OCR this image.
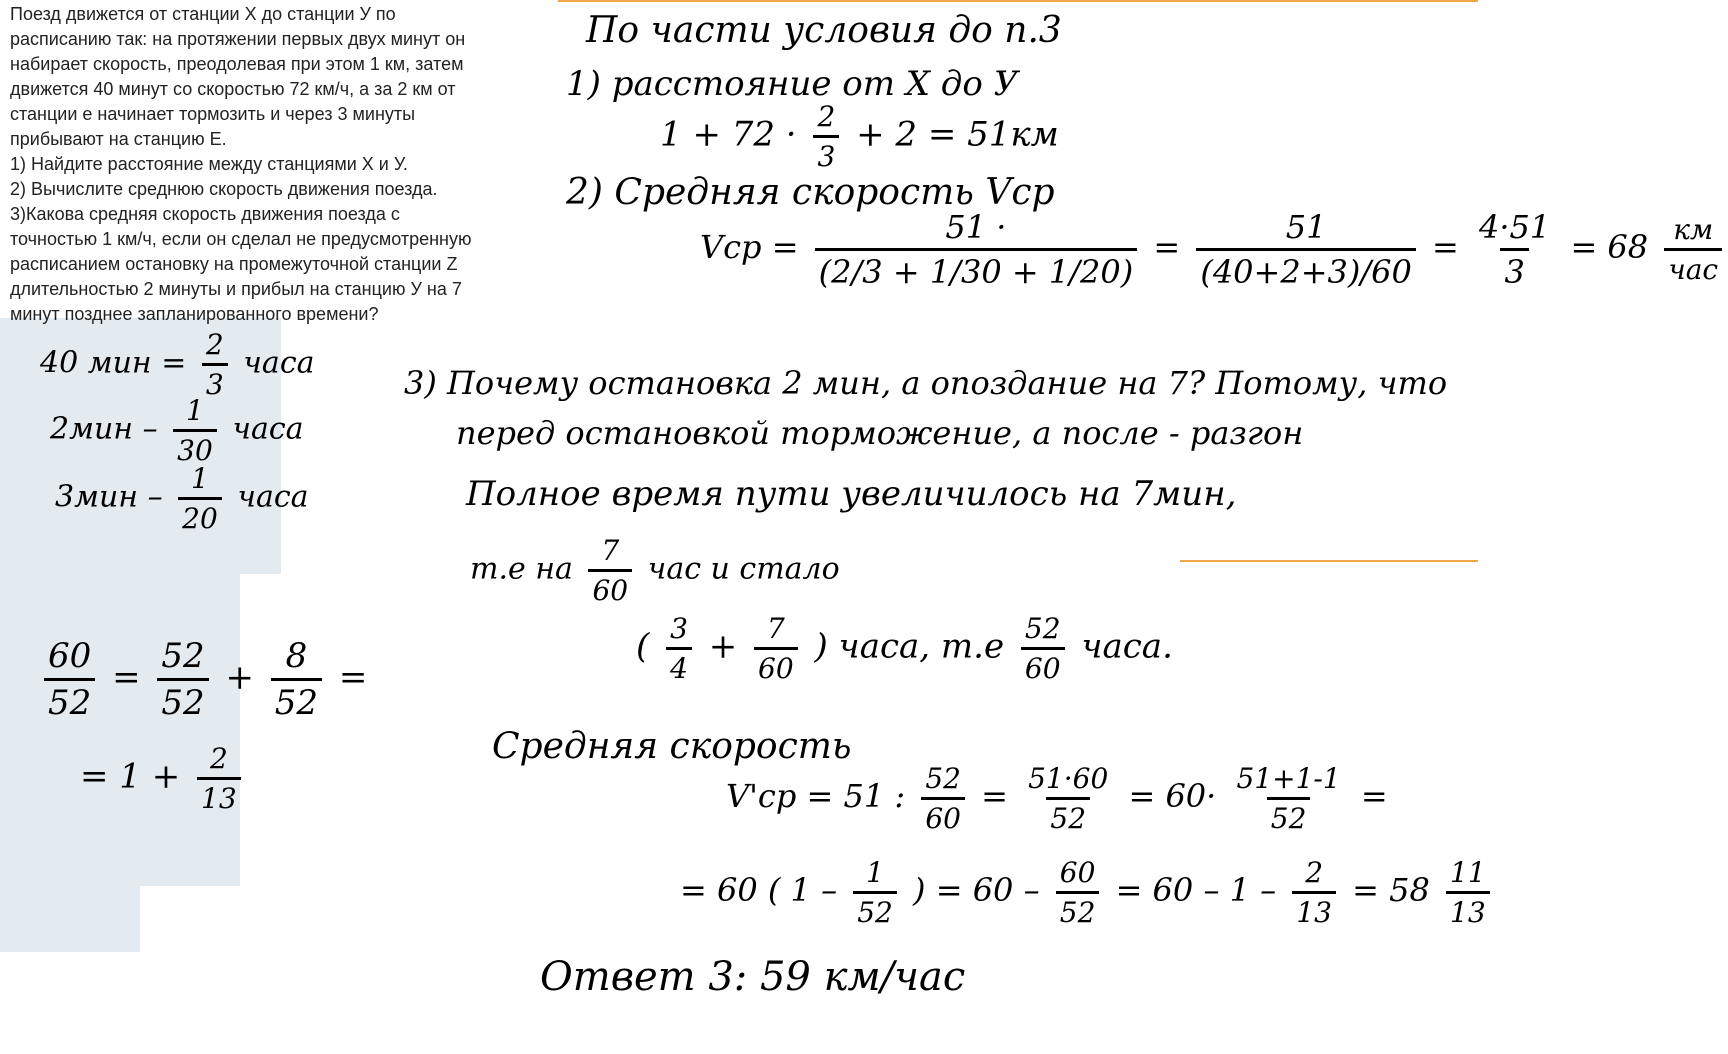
Поезд движется от станции X до станции У по

расписанию так: на протяжении первых двух минут он

набирает скорость, преодолевая при этом 1 км, затем

движется 40 минут со скоростью 72 км/ч, а за 2 км от

станции е начинает тормозить и через 3 минуты

прибывают на станцию E.

1) Найдите расстояние между станциями X и У.

2) Вычислите среднюю скорость движения поезда.

3)Какова средняя скорость движения поезда с

точностью 1 км/ч, если он сделал не предусмотренную

расписанием остановку на промежуточной станции Z

длительностью 2 минуты и прибыл на станцию У на 7

минут позднее запланированного времени?

40 мин = $\frac{2}{3}$ часа
$2мин - \frac{1}{30}$ часа
$3мин - \frac{1}{20}$ часа
$\frac{60}{52} = \frac{52}{52} + \frac{8}{52}$ =
= $1 + \frac{2}{13}$
По части условия до п.3
1) расстояние от X до У
$1 + 72 \cdot \frac{2}{3} + 2 = 51км$
2) Средняя скорость Vср
Vср = $\frac{51 \cdot}{(2/3 + 1/30 + 1/20)} = \frac{51}{(40+2+3)/60} = \frac{4\cdot 51}{3} = 68 \frac{км}{\text{час}}$
3) Почему остановка 2 мин, а опоздание на 7? Потому, что
перед остановкой торможение, а после - разгон
Полное время пути увеличилось на 7мин,
т.е на $\frac{7}{60}$ час и стало
( $\frac{3}{4} + \frac{7}{60}$ ) часа, $т.е \frac{52}{60}$ часа.
Средняя скорость
V'ср = 51 : $\frac{52}{60} = \frac{51\cdot 60}{52} = 60\cdot \frac{51+1-1}{52}$ =
= 60 ( $1 - \frac{1}{52}$ ) = $60 - \frac{60}{52} = 60 - 1 - \frac{2}{13} = 58 \frac{11}{13}$
Ответ 3: 59 км/час
